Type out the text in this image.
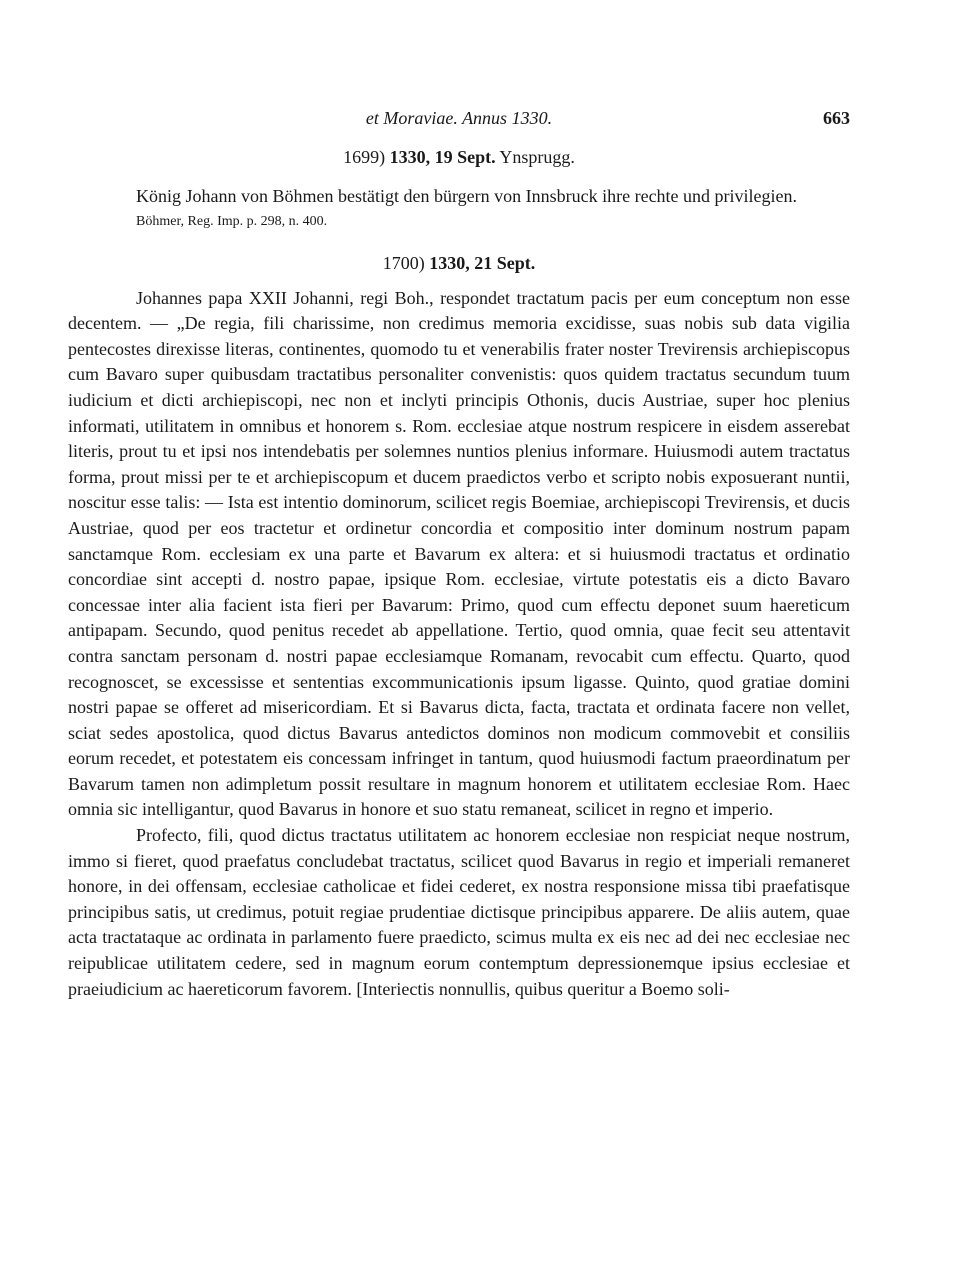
et Moraviae. Annus 1330.	663
1699) 1330, 19 Sept. Ynsprugg.

König Johann von Böhmen bestätigt den bürgern von Innsbruck ihre rechte und privilegien.

Böhmer, Reg. Imp. p. 298, n. 400.
1700) 1330, 21 Sept.

Johannes papa XXII Johanni, regi Boh., respondet tractatum pacis per eum conceptum non esse decentem. — „De regia, fili charissime, non credimus memoria excidisse, suas nobis sub data vigilia pentecostes direxisse literas, continentes, quomodo tu et venerabilis frater noster Trevirensis archiepiscopus cum Bavaro super quibusdam tractatibus personaliter convenistis: quos quidem tractatus secundum tuum iudicium et dicti archiepiscopi, nec non et inclyti principis Othonis, ducis Austriae, super hoc plenius informati, utilitatem in omnibus et honorem s. Rom. ecclesiae atque nostrum respicere in eisdem asserebat literis, prout tu et ipsi nos intendebatis per solemnes nuntios plenius informare. Huiusmodi autem tractatus forma, prout missi per te et archiepiscopum et ducem praedictos verbo et scripto nobis exposuerant nuntii, noscitur esse talis: — Ista est intentio dominorum, scilicet regis Boemiae, archiepiscopi Trevirensis, et ducis Austriae, quod per eos tractetur et ordinetur concordia et compositio inter dominum nostrum papam sanctamque Rom. ecclesiam ex una parte et Bavarum ex altera: et si huiusmodi tractatus et ordinatio concordiae sint accepti d. nostro papae, ipsique Rom. ecclesiae, virtute potestatis eis a dicto Bavaro concessae inter alia facient ista fieri per Bavarum: Primo, quod cum effectu deponet suum haereticum antipapam. Secundo, quod penitus recedet ab appellatione. Tertio, quod omnia, quae fecit seu attentavit contra sanctam personam d. nostri papae ecclesiamque Romanam, revocabit cum effectu. Quarto, quod recognoscet, se excessisse et sententias excommunicationis ipsum ligasse. Quinto, quod gratiae domini nostri papae se offeret ad misericordiam. Et si Bavarus dicta, facta, tractata et ordinata facere non vellet, sciat sedes apostolica, quod dictus Bavarus antedictos dominos non modicum commovebit et consiliis eorum recedet, et potestatem eis concessam infringet in tantum, quod huiusmodi factum praeordinatum per Bavarum tamen non adimpletum possit resultare in magnum honorem et utilitatem ecclesiae Rom. Haec omnia sic intelligantur, quod Bavarus in honore et suo statu remaneat, scilicet in regno et imperio.

Profecto, fili, quod dictus tractatus utilitatem ac honorem ecclesiae non respiciat neque nostrum, immo si fieret, quod praefatus concludebat tractatus, scilicet quod Bavarus in regio et imperiali remaneret honore, in dei offensam, ecclesiae catholicae et fidei cederet, ex nostra responsione missa tibi praefatisque principibus satis, ut credimus, potuit regiae prudentiae dictisque principibus apparere. De aliis autem, quae acta tractataque ac ordinata in parlamento fuere praedicto, scimus multa ex eis nec ad dei nec ecclesiae nec reipublicae utilitatem cedere, sed in magnum eorum contemptum depressionemque ipsius ecclesiae et praeiudicium ac haereticorum favorem. [Interiectis nonnullis, quibus queritur a Boemo soli-
